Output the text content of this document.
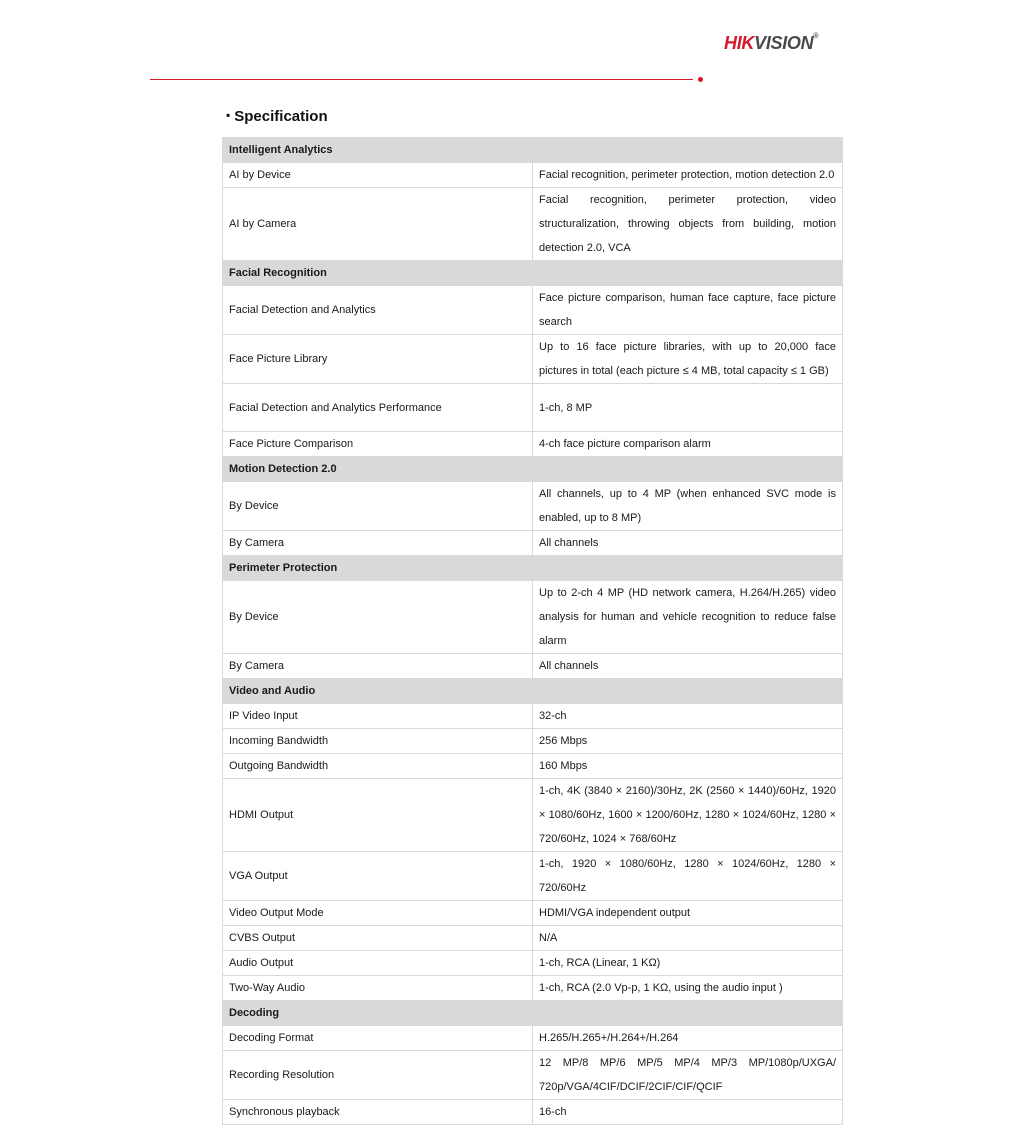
HIKVISION®
▪ Specification
Intelligent Analytics	
AI by Device	Facial recognition, perimeter protection, motion detection 2.0
AI by Camera	Facial recognition, perimeter protection, video structuralization, throwing objects from building, motion detection 2.0, VCA
Facial Recognition	
Facial Detection and Analytics	Face picture comparison, human face capture, face picture search
Face Picture Library	Up to 16 face picture libraries, with up to 20,000 face pictures in total (each picture ≤ 4 MB, total capacity ≤ 1 GB)
Facial Detection and Analytics Performance	1-ch, 8 MP
Face Picture Comparison	4-ch face picture comparison alarm
Motion Detection 2.0	
By Device	All channels, up to 4 MP (when enhanced SVC mode is enabled, up to 8 MP)
By Camera	All channels
Perimeter Protection	
By Device	Up to 2-ch 4 MP (HD network camera, H.264/H.265) video analysis for human and vehicle recognition to reduce false alarm
By Camera	All channels
Video and Audio	
IP Video Input	32-ch
Incoming Bandwidth	256 Mbps
Outgoing Bandwidth	160 Mbps
HDMI Output	1-ch, 4K (3840 × 2160)/30Hz, 2K (2560 × 1440)/60Hz, 1920 × 1080/60Hz, 1600 × 1200/60Hz, 1280 × 1024/60Hz, 1280 × 720/60Hz, 1024 × 768/60Hz
VGA Output	1-ch, 1920 × 1080/60Hz, 1280 × 1024/60Hz, 1280 × 720/60Hz
Video Output Mode	HDMI/VGA independent output
CVBS Output	N/A
Audio Output	1-ch, RCA (Linear, 1 KΩ)
Two-Way Audio	1-ch, RCA (2.0 Vp-p, 1 KΩ, using the audio input )
Decoding	
Decoding Format	H.265/H.265+/H.264+/H.264
Recording Resolution	12 MP/8 MP/6 MP/5 MP/4 MP/3 MP/1080p/UXGA/ 720p/VGA/4CIF/DCIF/2CIF/CIF/QCIF
Synchronous playback	16-ch
